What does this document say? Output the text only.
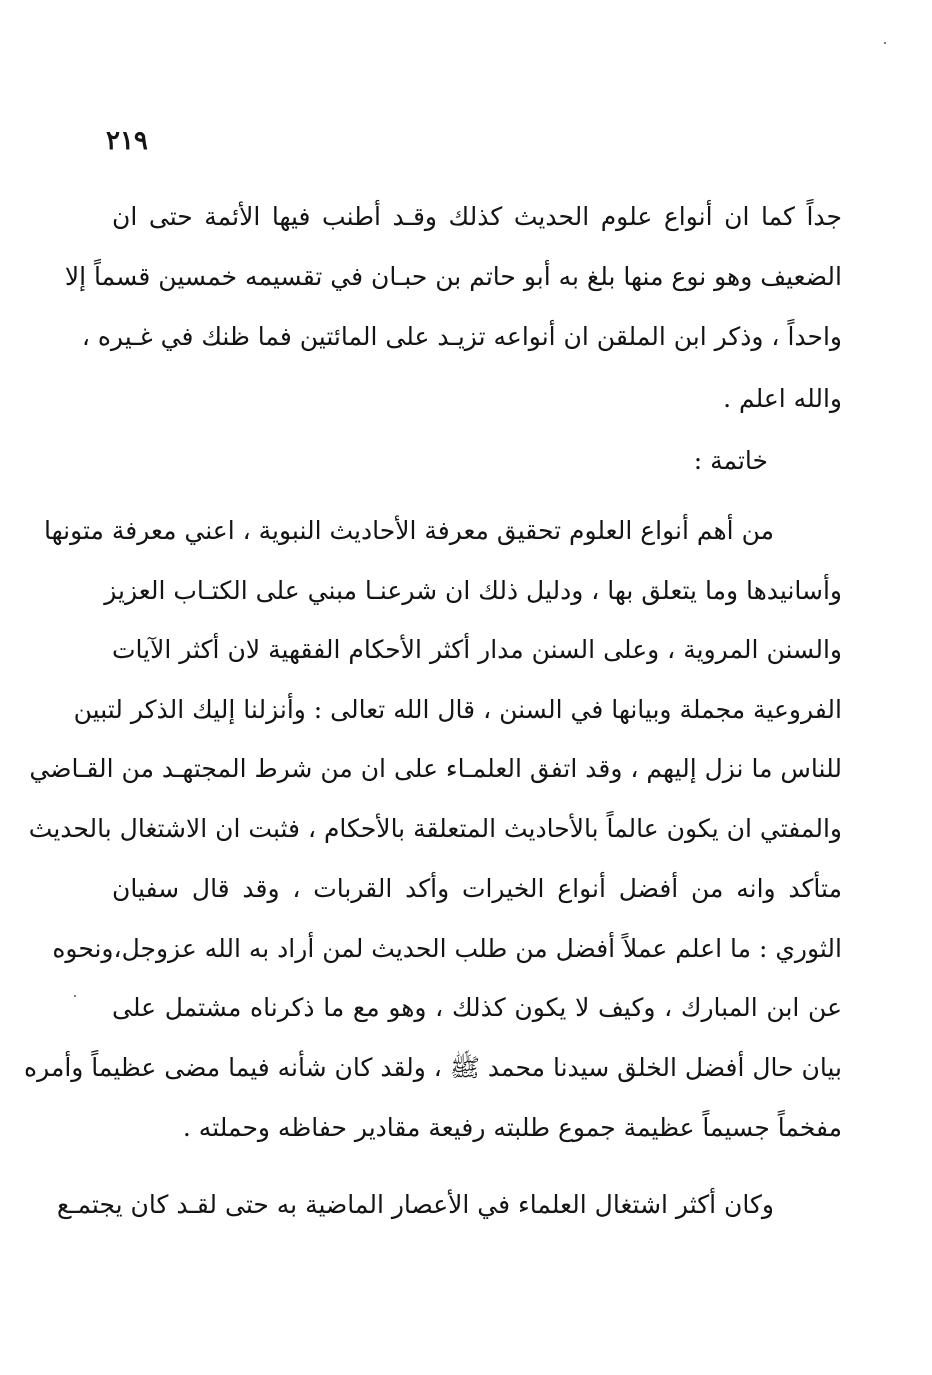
٢١٩
جداً كما ان أنواع علوم الحديث كذلك وقـد أطنب فيها الأئمة حتى ان
الضعيف وهو نوع منها بلغ به أبو حاتم بن حبـان في تقسيمه خمسين قسماً إلا
واحداً ، وذكر ابن الملقن ان أنواعه تزيـد على المائتين فما ظنك في غـيره ،
والله اعلم .
خاتمة :
من أهم أنواع العلوم تحقيق معرفة الأحاديث النبوية ، اعني معرفة متونها
وأسانيدها وما يتعلق بها ، ودليل ذلك ان شرعنـا مبني على الكتـاب العزيز
والسنن المروية ، وعلى السنن مدار أكثر الأحكام الفقهية لان أكثر الآيات
الفروعية مجملة وبيانها في السنن ، قال الله تعالى : وأنزلنا إليك الذكر لتبين
للناس ما نزل إليهم ، وقد اتفق العلمـاء على ان من شرط المجتهـد من القـاضي
والمفتي ان يكون عالماً بالأحاديث المتعلقة بالأحكام ، فثبت ان الاشتغال بالحديث
متأكد وانه من أفضل أنواع الخيرات وأكد القربات ، وقد قال سفيان
الثوري : ما اعلم عملاً أفضل من طلب الحديث لمن أراد به الله عزوجل،ونحوه
عن ابن المبارك ، وكيف لا يكون كذلك ، وهو مع ما ذكرناه مشتمل على
بيان حال أفضل الخلق سيدنا محمد ﷺ ، ولقد كان شأنه فيما مضى عظيماً وأمره
مفخماً جسيماً عظيمة جموع طلبته رفيعة مقادير حفاظه وحملته .
وكان أكثر اشتغال العلماء في الأعصار الماضية به حتى لقـد كان يجتمـع
